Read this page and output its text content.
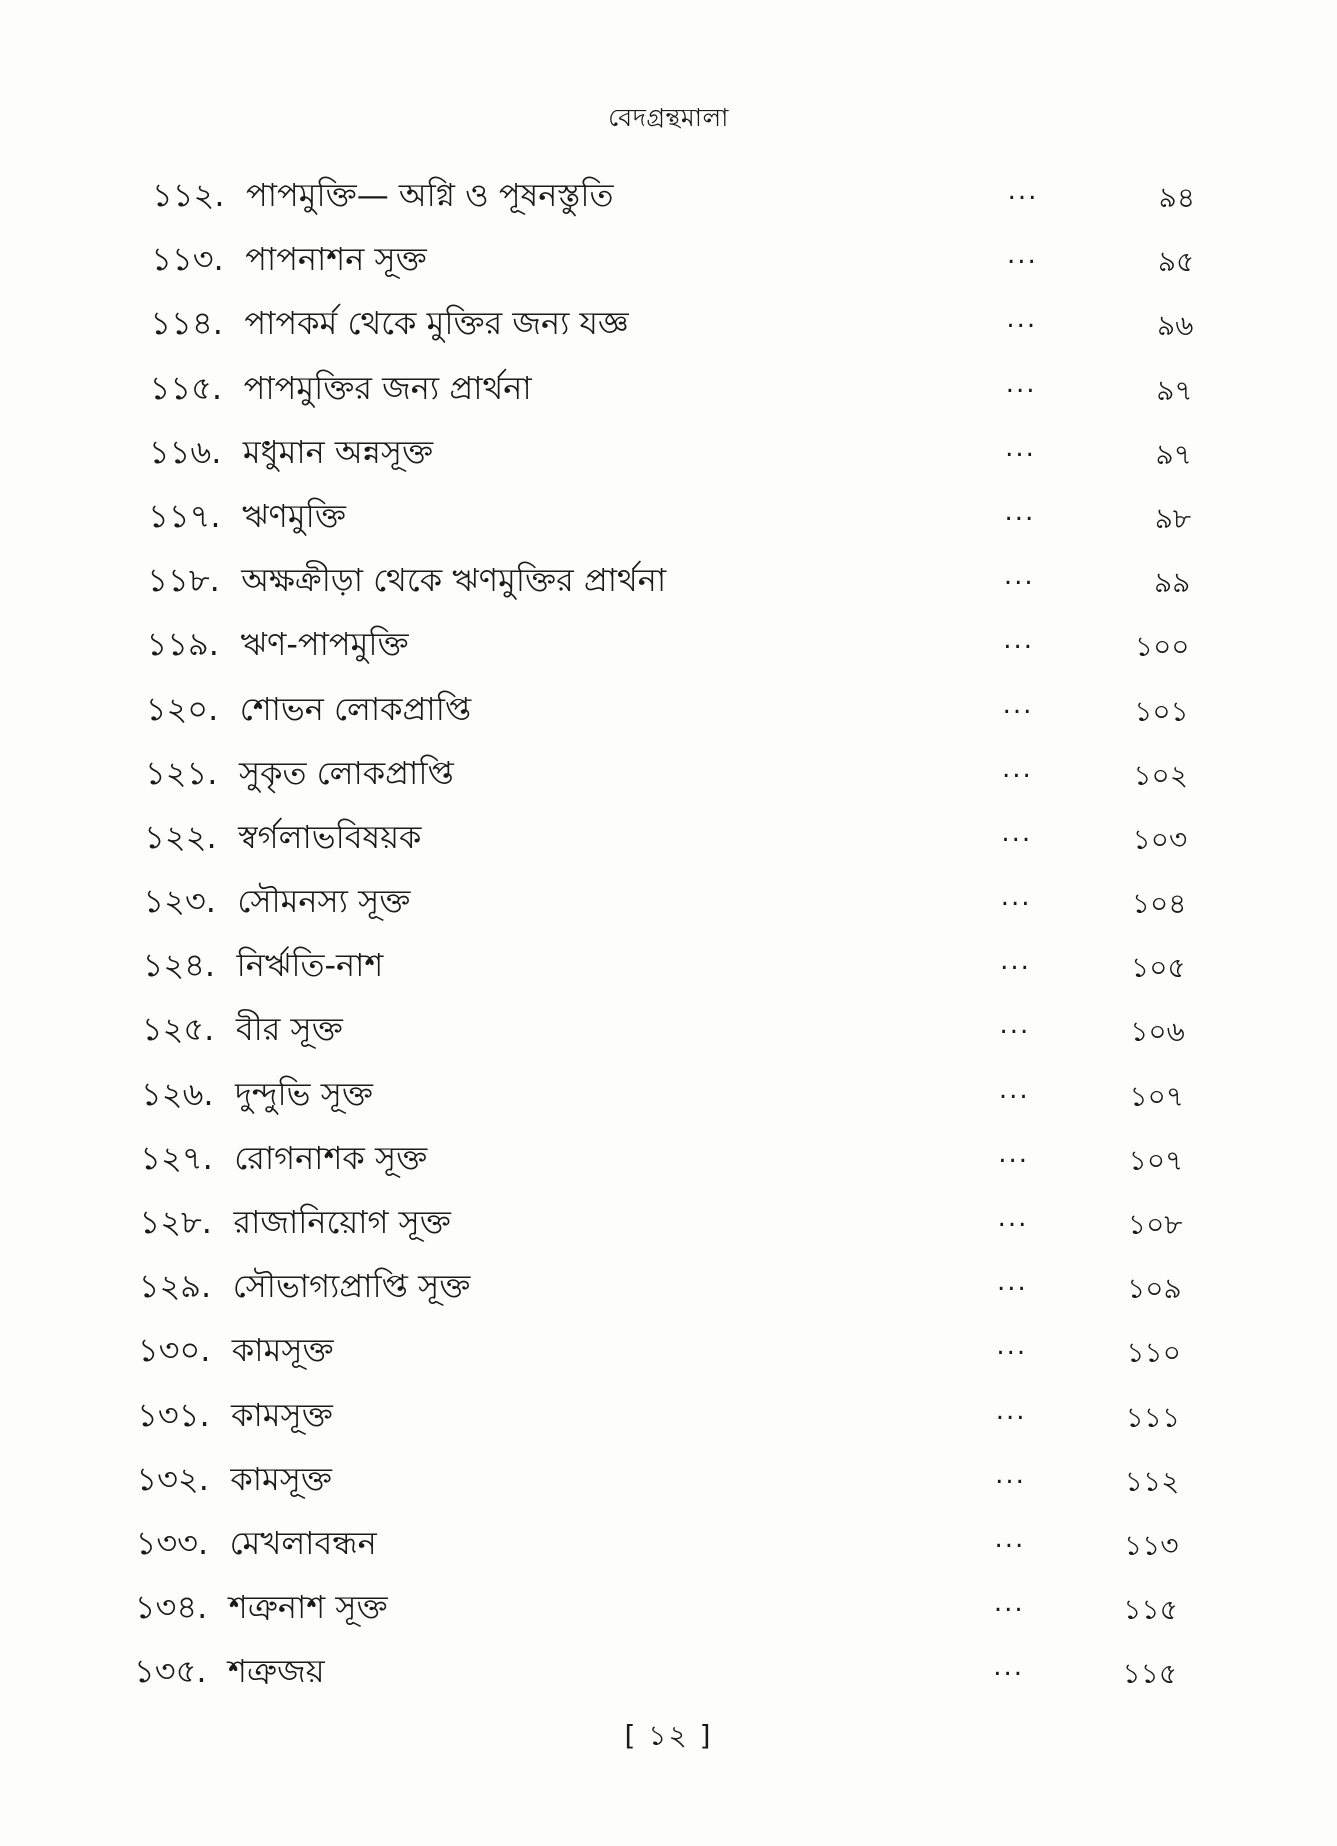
বেদগ্রন্থমালা
১১২. পাপমুক্তি— অগ্নি ও পূষনস্তুতি	...	৯৪
১১৩. পাপনাশন সূক্ত	...	৯৫
১১৪. পাপকর্ম থেকে মুক্তির জন্য যজ্ঞ	...	৯৬
১১৫. পাপমুক্তির জন্য প্রার্থনা	...	৯৭
১১৬. মধুমান অন্নসূক্ত	...	৯৭
১১৭. ঋণমুক্তি	...	৯৮
১১৮. অক্ষক্রীড়া থেকে ঋণমুক্তির প্রার্থনা	...	৯৯
১১৯. ঋণ-পাপমুক্তি	...	১০০
১২০. শোভন লোকপ্রাপ্তি	...	১০১
১২১. সুকৃত লোকপ্রাপ্তি	...	১০২
১২২. স্বর্গলাভবিষয়ক	...	১০৩
১২৩. সৌমনস্য সূক্ত	...	১০৪
১২৪. নির্ঋতি-নাশ	...	১০৫
১২৫. বীর সূক্ত	...	১০৬
১২৬. দুন্দুভি সূক্ত	...	১০৭
১২৭. রোগনাশক সূক্ত	...	১০৭
১২৮. রাজানিয়োগ সূক্ত	...	১০৮
১২৯. সৌভাগ্যপ্রাপ্তি সূক্ত	...	১০৯
১৩০. কামসূক্ত	...	১১০
১৩১. কামসূক্ত	...	১১১
১৩২. কামসূক্ত	...	১১২
১৩৩. মেখলাবন্ধন	...	১১৩
১৩৪. শত্রুনাশ সূক্ত	...	১১৫
১৩৫. শত্রুজয়	...	১১৫
[ ১২ ]
